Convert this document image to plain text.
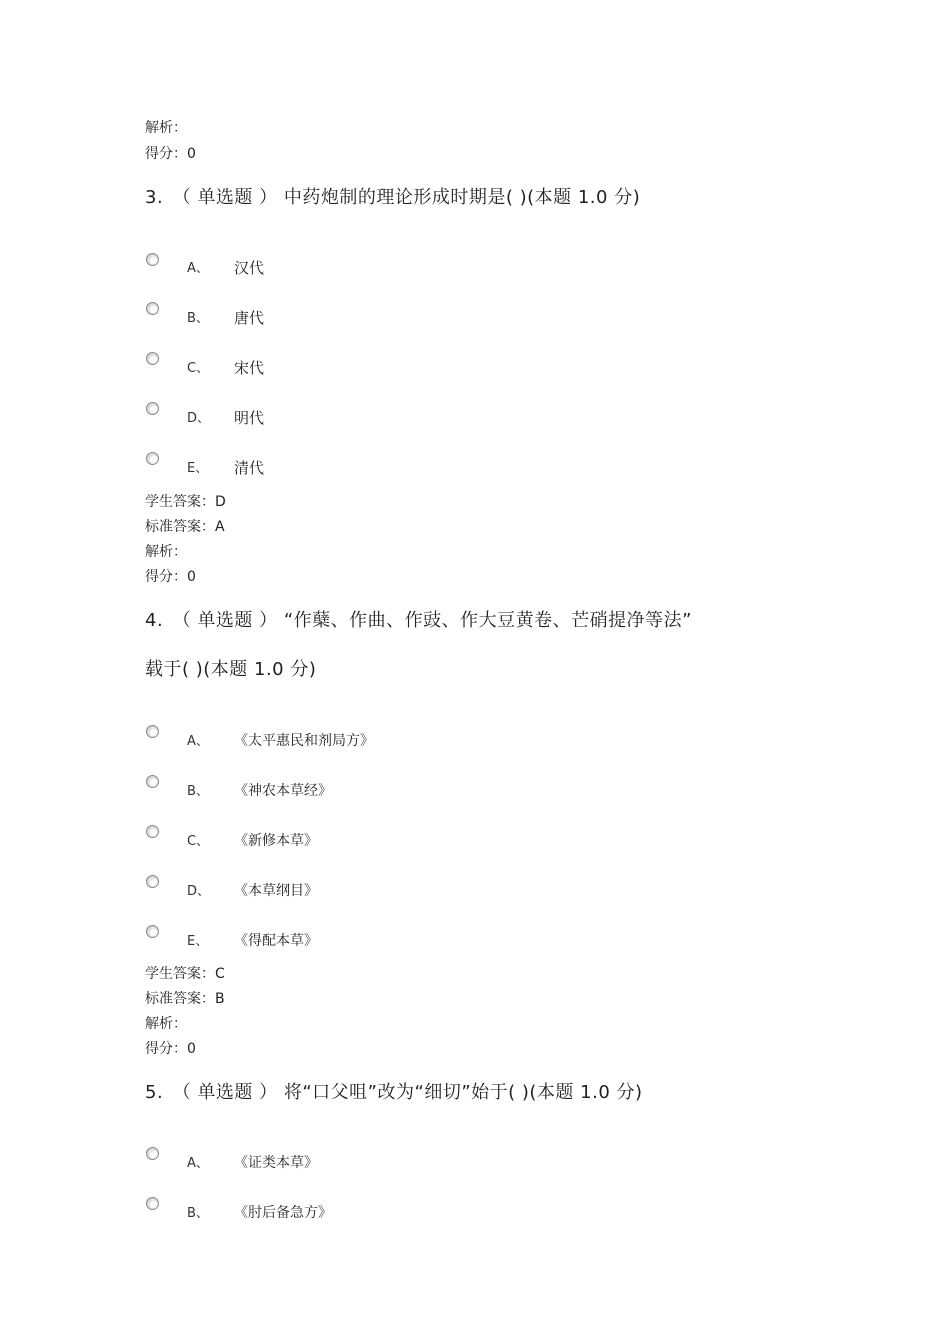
解析：
得分：0
3.　（ 单选题 ） 中药炮制的理论形成时期是( )(本题 1.0 分)
A、 汉代
B、 唐代
C、 宋代
D、 明代
E、 清代
学生答案：D
标准答案：A
解析：
得分：0
4.　（ 单选题 ） “作蘖、作曲、作豉、作大豆黄卷、芒硝提净等法”
载于( )(本题 1.0 分)
A、 《太平惠民和剂局方》
B、 《神农本草经》
C、 《新修本草》
D、 《本草纲目》
E、 《得配本草》
学生答案：C
标准答案：B
解析：
得分：0
5.　（ 单选题 ） 将“口父咀”改为“细切”始于( )(本题 1.0 分)
A、 《证类本草》
B、 《肘后备急方》
